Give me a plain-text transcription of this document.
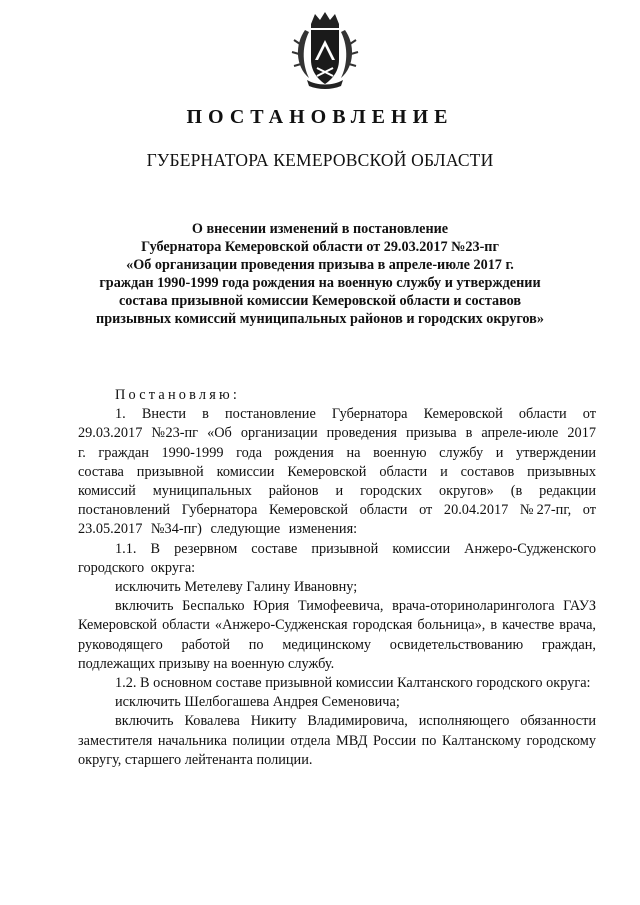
ПОСТАНОВЛЕНИЕ
ГУБЕРНАТОРА КЕМЕРОВСКОЙ ОБЛАСТИ
О внесении изменений в постановление
Губернатора Кемеровской области от 29.03.2017 №23-пг
«Об организации проведения призыва в апреле-июле 2017 г.
граждан 1990-1999 года рождения на военную службу и утверждении
состава призывной комиссии Кемеровской области и составов
призывных комиссий муниципальных районов и городских округов»

Постановляю:

1. Внести в постановление Губернатора Кемеровской области от 29.03.2017 №23-пг «Об организации проведения призыва в апреле-июле 2017 г. граждан 1990-1999 года рождения на военную службу и утверждении состава призывной комиссии Кемеровской области и составов призывных комиссий муниципальных районов и городских округов» (в редакции постановлений Губернатора Кемеровской области от 20.04.2017 №27-пг, от 23.05.2017 №34-пг) следующие изменения:

1.1. В резервном составе призывной комиссии Анжеро-Судженского городского округа:

исключить Метелеву Галину Ивановну;

включить Беспалько Юрия Тимофеевича, врача-оториноларинголога ГАУЗ Кемеровской области «Анжеро-Судженская городская больница», в качестве врача, руководящего работой по медицинскому освидетельствованию граждан, подлежащих призыву на военную службу.

1.2. В основном составе призывной комиссии Калтанского городского округа:

исключить Шелбогашева Андрея Семеновича;

включить Ковалева Никиту Владимировича, исполняющего обязанности заместителя начальника полиции отдела МВД России по Калтанскому городскому округу, старшего лейтенанта полиции.
